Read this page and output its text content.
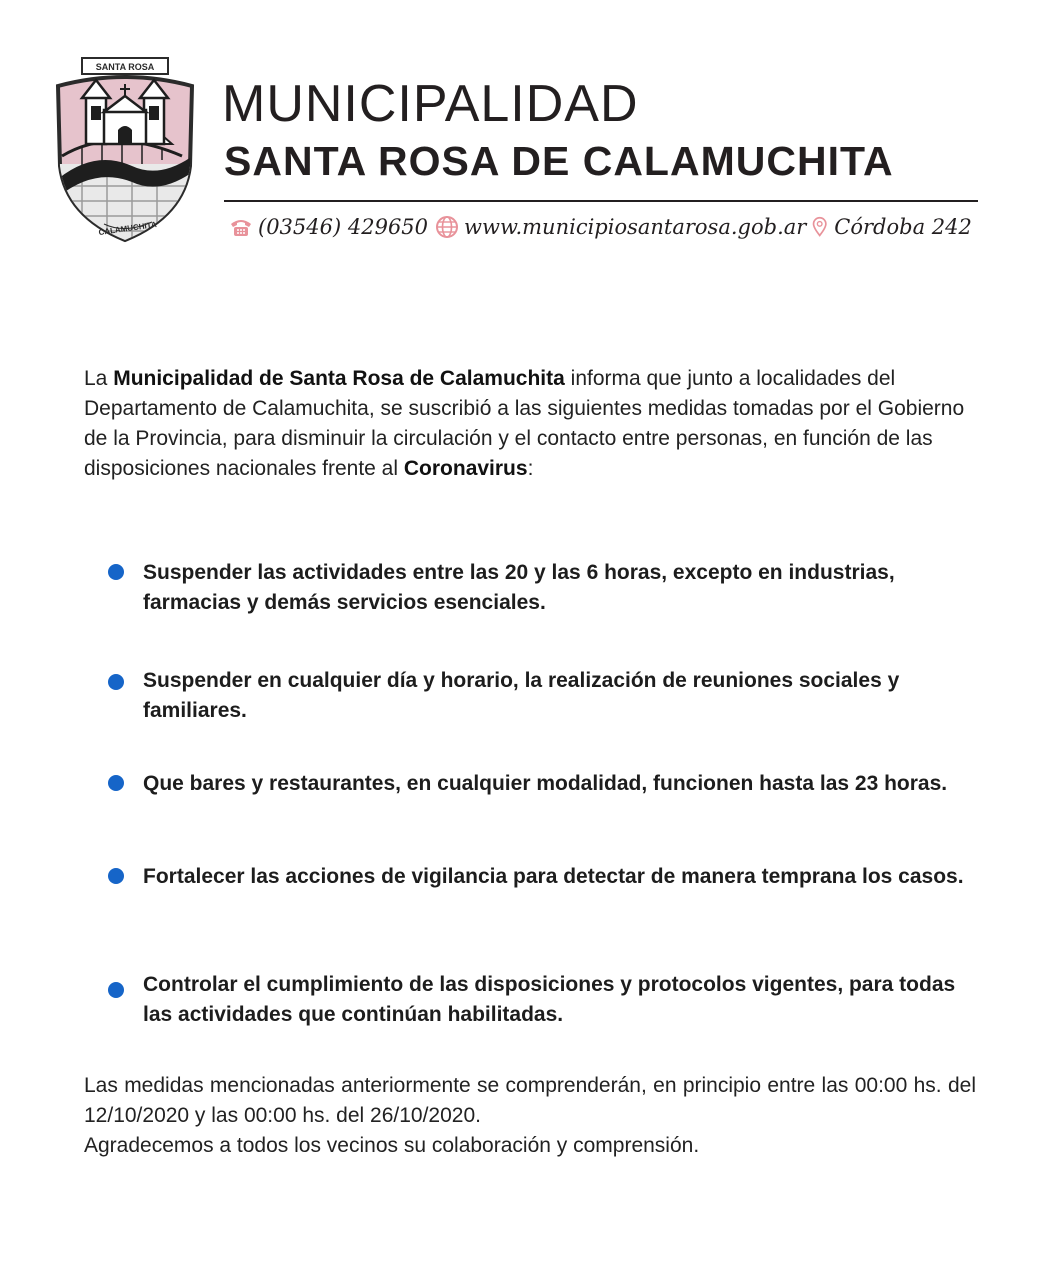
SANTA ROSA
CALAMUCHITA
MUNICIPALIDAD
SANTA ROSA DE CALAMUCHITA
(03546) 429650 www.municipiosantarosa.gob.ar Córdoba 242
La Municipalidad de Santa Rosa de Calamuchita informa que junto a localidades del Departamento de Calamuchita, se suscribió a las siguientes medidas tomadas por el Gobierno de la Provincia, para disminuir la circulación y el contacto entre personas, en función de las disposiciones nacionales frente al Coronavirus:
Suspender las actividades entre las 20 y las 6 horas, excepto en industrias, farmacias y demás servicios esenciales.
Suspender en cualquier día y horario, la realización de reuniones sociales y familiares.
Que bares y restaurantes, en cualquier modalidad, funcionen hasta las 23 horas.
Fortalecer las acciones de vigilancia para detectar de manera temprana los casos.
Controlar el cumplimiento de las disposiciones y protocolos vigentes, para todas las actividades que continúan habilitadas.

Las medidas mencionadas anteriormente se comprenderán, en principio entre las 00:00 hs. del 12/10/2020 y las 00:00 hs. del 26/10/2020.

Agradecemos a todos los vecinos su colaboración y comprensión.
